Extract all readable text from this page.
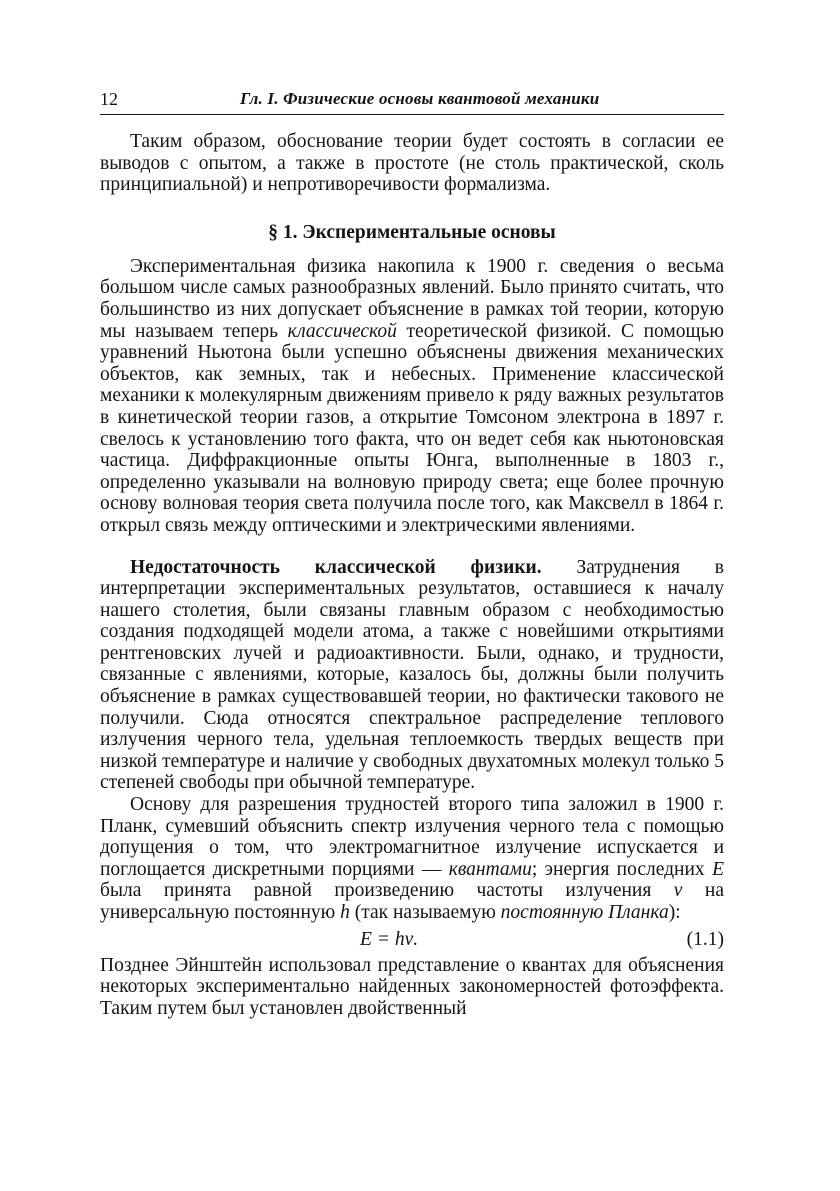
12	Гл. I. Физические основы квантовой механики

Таким образом, обоснование теории будет состоять в согласии ее выводов с опытом, а также в простоте (не столь практической, сколь принципиальной) и непротиворечивости формализма.

§ 1. Экспериментальные основы

Экспериментальная физика накопила к 1900 г. сведения о весьма большом числе самых разнообразных явлений. Было принято считать, что большинство из них допускает объяснение в рамках той теории, которую мы называем теперь классической теоретической физикой. С помощью уравнений Ньютона были успешно объяснены движения механических объектов, как земных, так и небесных. Применение классической механики к молекулярным движениям привело к ряду важных результатов в кинетической теории газов, а открытие Томсоном электрона в 1897 г. свелось к установлению того факта, что он ведет себя как ньютоновская частица. Диффракционные опыты Юнга, выполненные в 1803 г., определенно указывали на волновую природу света; еще более прочную основу волновая теория света получила после того, как Максвелл в 1864 г. открыл связь между оптическими и электрическими явлениями.

Недостаточность классической физики. Затруднения в интерпретации экспериментальных результатов, оставшиеся к началу нашего столетия, были связаны главным образом с необходимостью создания подходящей модели атома, а также с новейшими открытиями рентгеновских лучей и радиоактивности. Были, однако, и трудности, связанные с явлениями, которые, казалось бы, должны были получить объяснение в рамках существовавшей теории, но фактически такового не получили. Сюда относятся спектральное распределение теплового излучения черного тела, удельная теплоемкость твердых веществ при низкой температуре и наличие у свободных двухатомных молекул только 5 степеней свободы при обычной температуре.

Основу для разрешения трудностей второго типа заложил в 1900 г. Планк, сумевший объяснить спектр излучения черного тела с помощью допущения о том, что электромагнитное излучение испускается и поглощается дискретными порциями — квантами; энергия последних E была принята равной произведению частоты излучения ν на универсальную постоянную h (так называемую постоянную Планка):

E = hν.	(1.1)

Позднее Эйнштейн использовал представление о квантах для объяснения некоторых экспериментально найденных закономерностей фотоэффекта. Таким путем был установлен двойственный
